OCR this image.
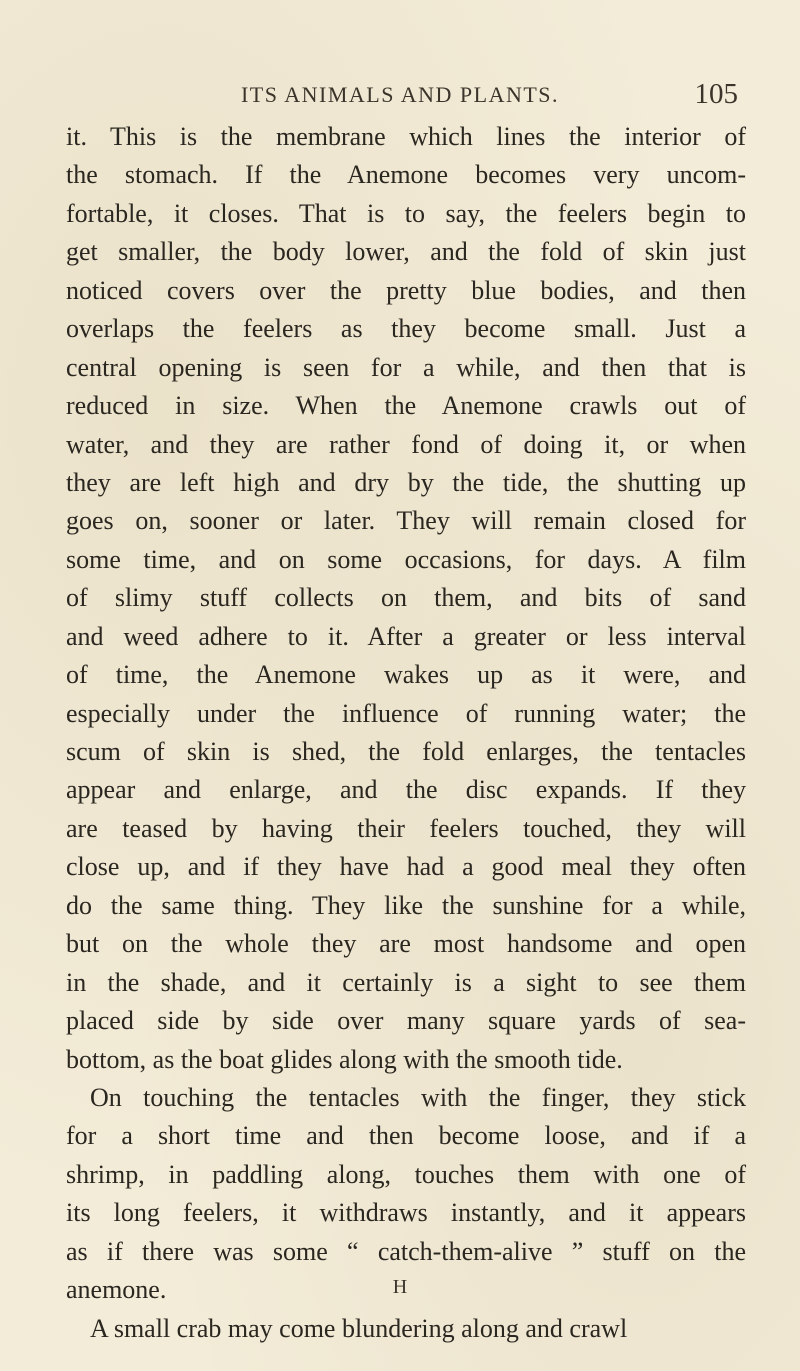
ITS ANIMALS AND PLANTS.	105
it. This is the membrane which lines the interior of
the stomach. If the Anemone becomes very uncom-
fortable, it closes. That is to say, the feelers begin to
get smaller, the body lower, and the fold of skin just
noticed covers over the pretty blue bodies, and then
overlaps the feelers as they become small. Just a
central opening is seen for a while, and then that is
reduced in size. When the Anemone crawls out of
water, and they are rather fond of doing it, or when
they are left high and dry by the tide, the shutting up
goes on, sooner or later. They will remain closed for
some time, and on some occasions, for days. A film
of slimy stuff collects on them, and bits of sand
and weed adhere to it. After a greater or less interval
of time, the Anemone wakes up as it were, and
especially under the influence of running water; the
scum of skin is shed, the fold enlarges, the tentacles
appear and enlarge, and the disc expands. If they
are teased by having their feelers touched, they will
close up, and if they have had a good meal they often
do the same thing. They like the sunshine for a while,
but on the whole they are most handsome and open
in the shade, and it certainly is a sight to see them
placed side by side over many square yards of sea-
bottom, as the boat glides along with the smooth tide.
On touching the tentacles with the finger, they stick
for a short time and then become loose, and if a
shrimp, in paddling along, touches them with one of
its long feelers, it withdraws instantly, and it appears
as if there was some “ catch-them-alive ” stuff on the
anemone.
A small crab may come blundering along and crawl
H
